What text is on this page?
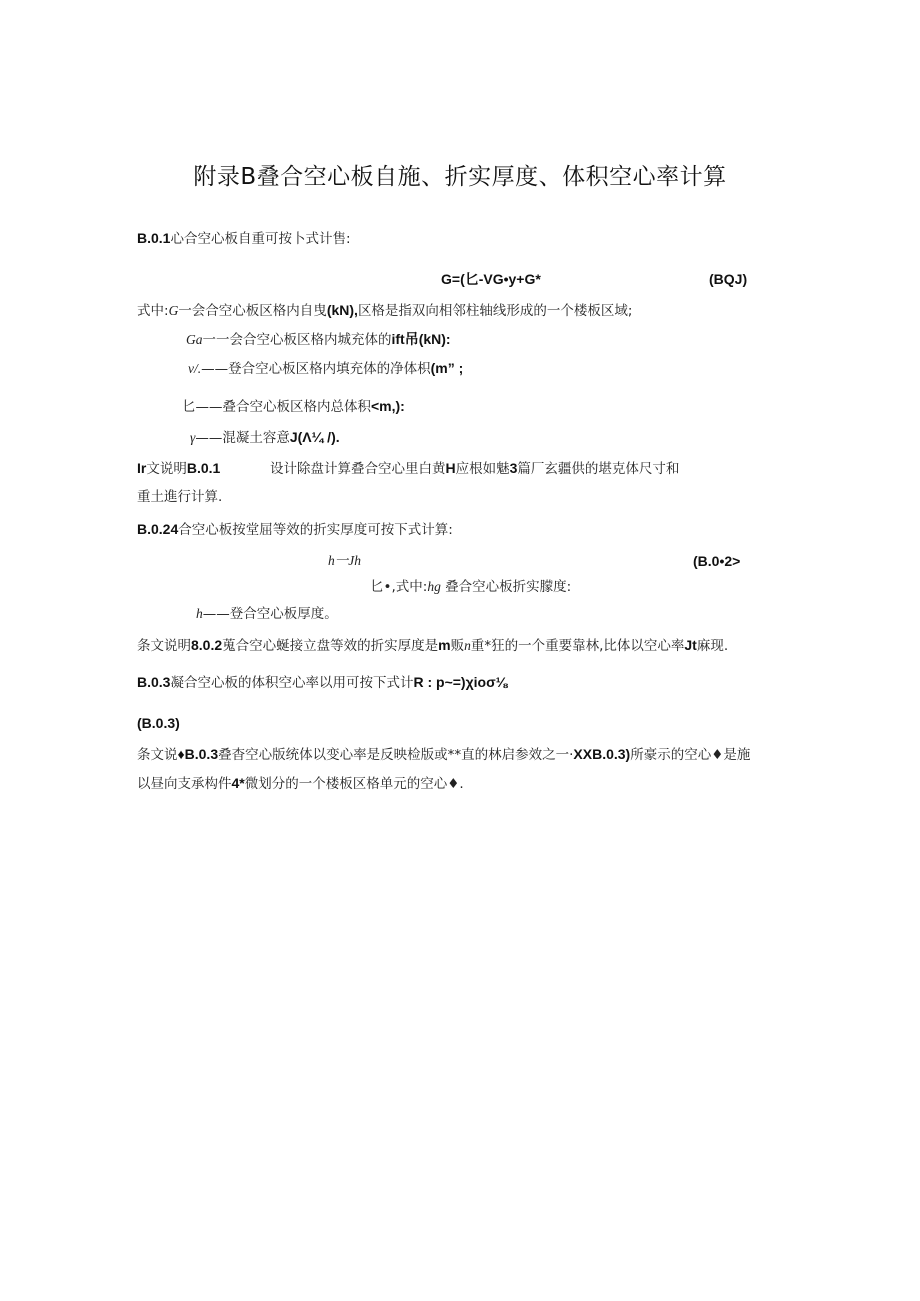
附录B叠合空心板自施、折实厚度、体积空心率计算
B.0.1心合空心板自重可按卜式计售:
G=(匕-VG•y+G*	(BQJ)
式中:G一会合空心板区格内自曳(kN),区格是指双向相邻柱轴线形成的一个楼板区域;
Ga一一会合空心板区格内城充体的ift吊(kN):
v/.——登合空心板区格内填充体的净体枳(m” ;
匕——叠合空心板区格内总体积<m,):
γ——混凝土容意J(Λ¼ /).
Ir文说明B.0.1	设计除盘计算叠合空心里白黄H应根如魅3篇厂玄疆供的堪克体尺寸和
重土進行计算.
B.0.24合空心板按堂屈等效的折实厚度可按下式计算:
h一Jh	(B.0•2>
匕•,式中:hg 叠合空心板折实朦度:
h——登合空心板厚度。
条文说明8.0.2蒐合空心蜒接立盘等效的折实厚度是m贩n重*狂的一个重要靠林,比体以空心率Jt麻现.
B.0.3凝合空心板的体积空心率以用可按下式计R : p~=)χioσ⅛
(B.0.3)
条文说♦B.0.3叠杳空心版统体以变心率是反映检版或**直的林启参效之一·XXB.0.3)所豪示的空心♦是施
以昼向支承构件4*微划分的一个楼板区格单元的空心♦.
